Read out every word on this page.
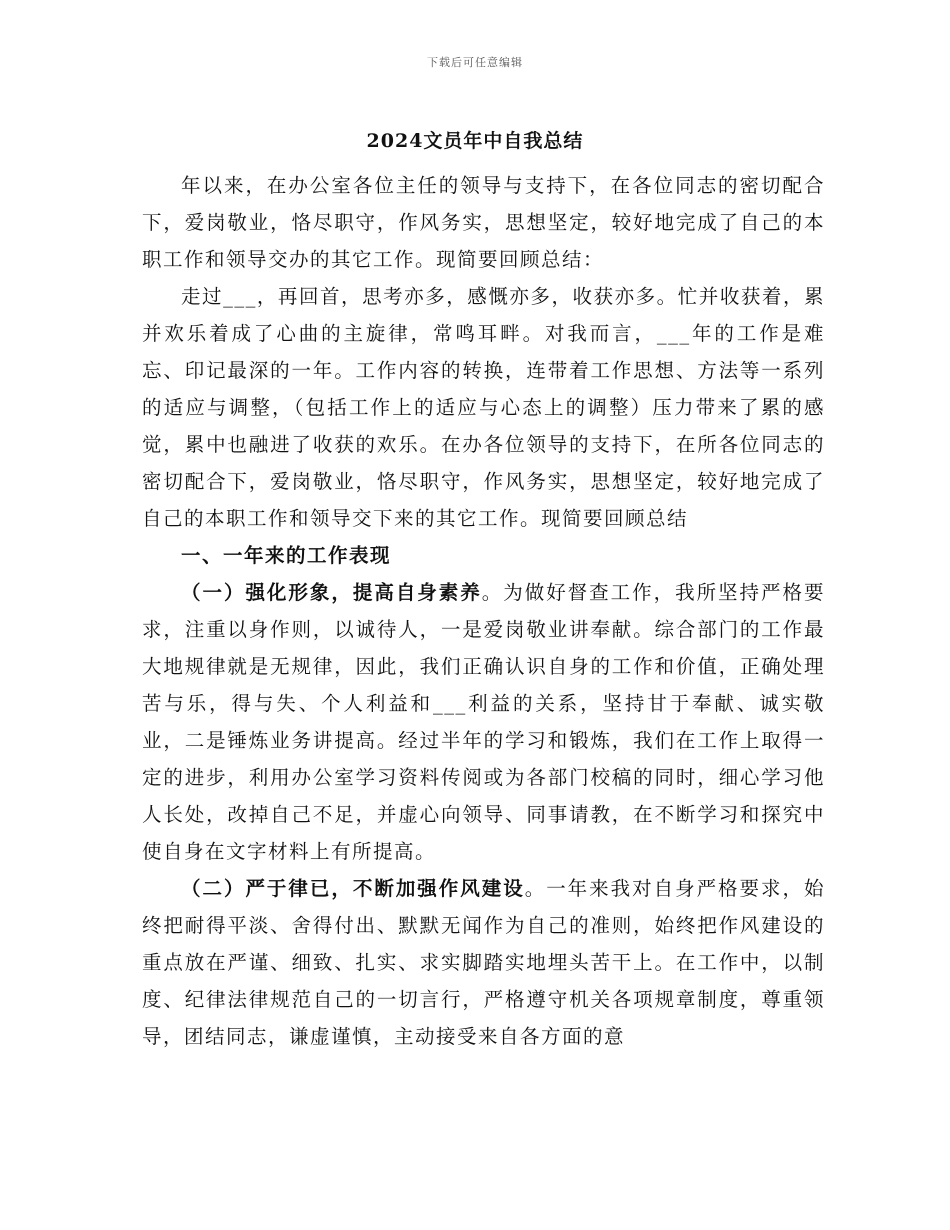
下载后可任意编辑
2024文员年中自我总结

年以来，在办公室各位主任的领导与支持下，在各位同志的密切配合下，爱岗敬业，恪尽职守，作风务实，思想坚定，较好地完成了自己的本职工作和领导交办的其它工作。现简要回顾总结：

走过___，再回首，思考亦多，感慨亦多，收获亦多。忙并收获着，累并欢乐着成了心曲的主旋律，常鸣耳畔。对我而言，___年的工作是难忘、印记最深的一年。工作内容的转换，连带着工作思想、方法等一系列的适应与调整，（包括工作上的适应与心态上的调整）压力带来了累的感觉，累中也融进了收获的欢乐。在办各位领导的支持下，在所各位同志的密切配合下，爱岗敬业，恪尽职守，作风务实，思想坚定，较好地完成了自己的本职工作和领导交下来的其它工作。现简要回顾总结

一、一年来的工作表现

（一）强化形象，提高自身素养。为做好督查工作，我所坚持严格要求，注重以身作则，以诚待人，一是爱岗敬业讲奉献。综合部门的工作最大地规律就是无规律，因此，我们正确认识自身的工作和价值，正确处理苦与乐，得与失、个人利益和___利益的关系，坚持甘于奉献、诚实敬业，二是锤炼业务讲提高。经过半年的学习和锻炼，我们在工作上取得一定的进步，利用办公室学习资料传阅或为各部门校稿的同时，细心学习他人长处，改掉自己不足，并虚心向领导、同事请教，在不断学习和探究中使自身在文字材料上有所提高。

（二）严于律已，不断加强作风建设。一年来我对自身严格要求，始终把耐得平淡、舍得付出、默默无闻作为自己的准则，始终把作风建设的重点放在严谨、细致、扎实、求实脚踏实地埋头苦干上。在工作中，以制度、纪律法律规范自己的一切言行，严格遵守机关各项规章制度，尊重领导，团结同志，谦虚谨慎，主动接受来自各方面的意
